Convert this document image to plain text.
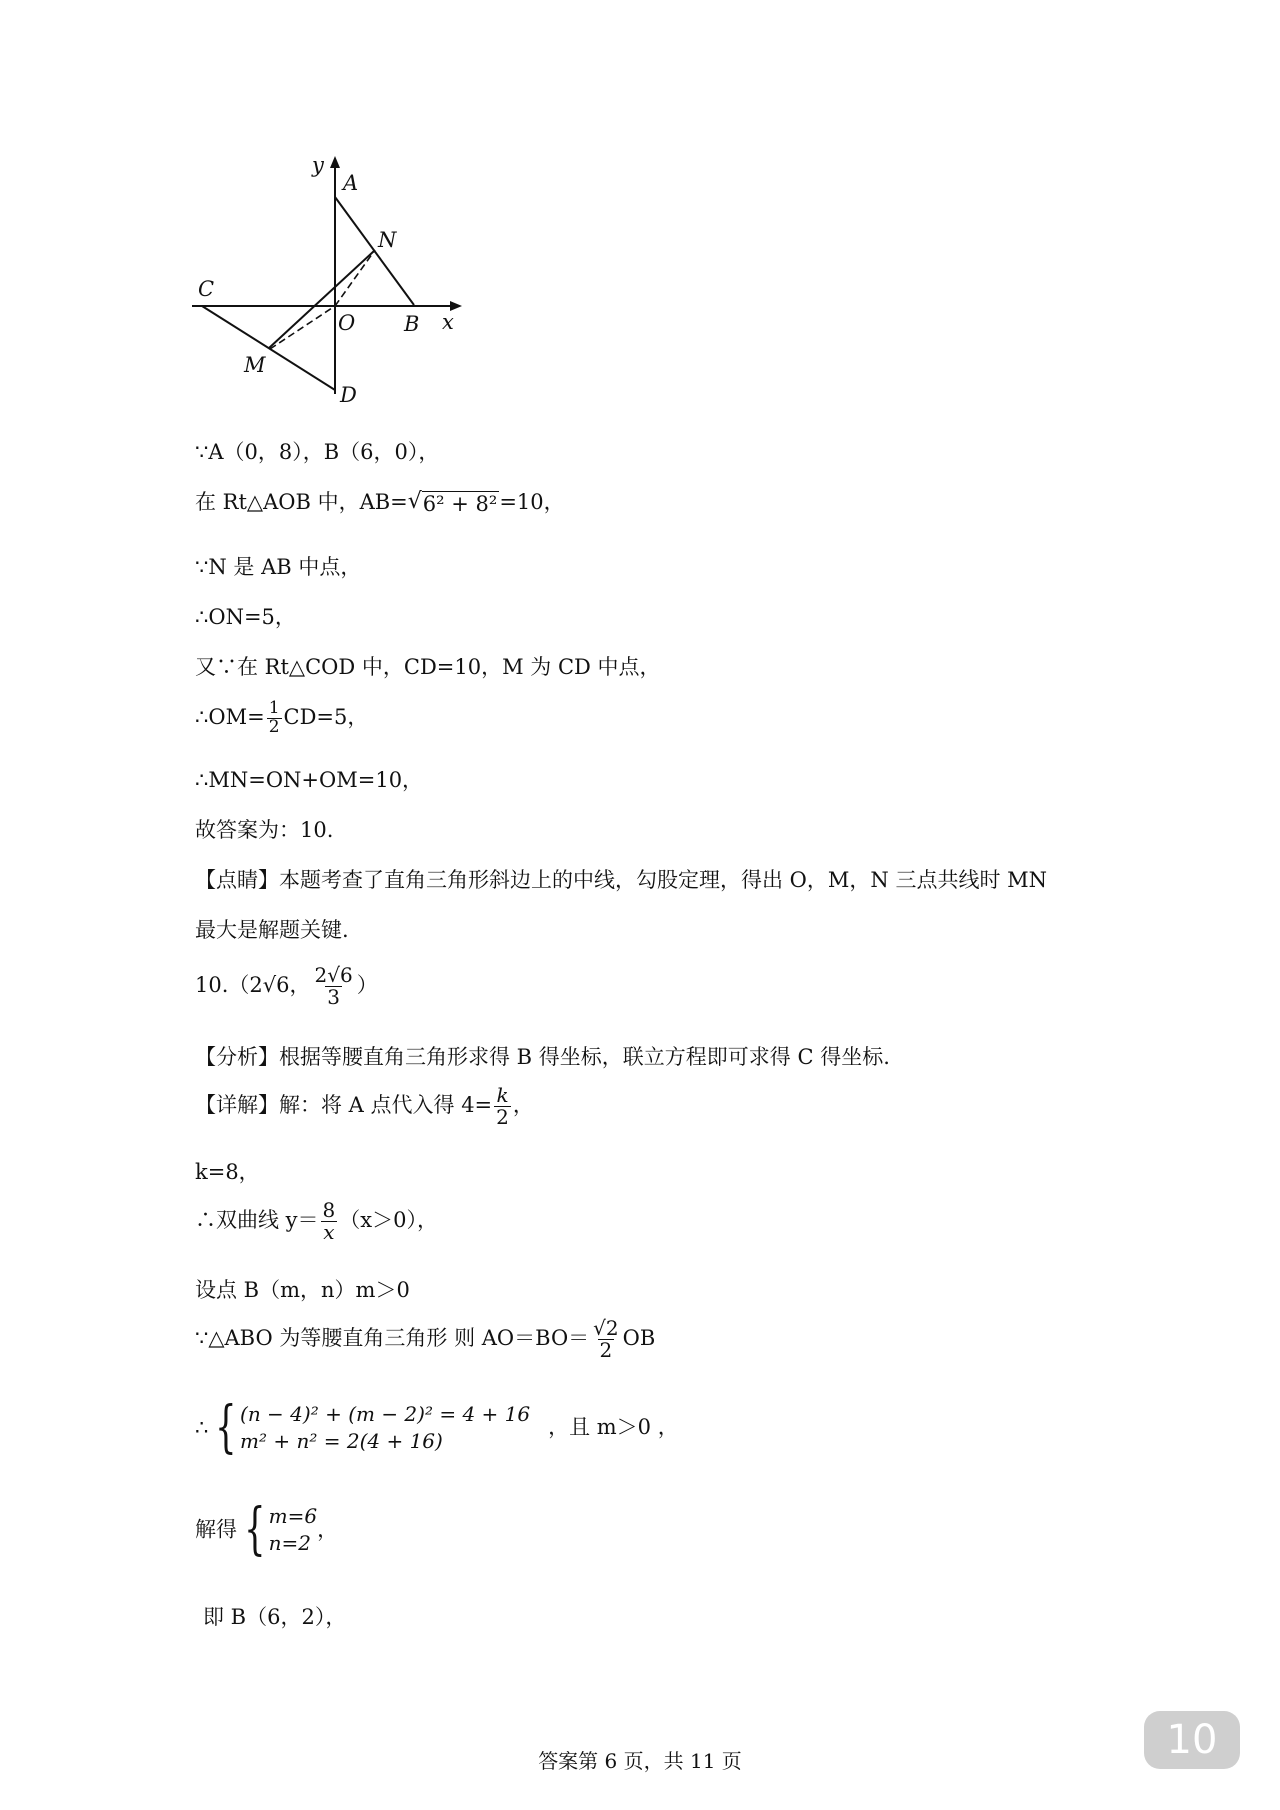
y
A
N
C
O B x
M
D
∵A（0，8），B（6，0），
在 Rt△AOB 中，AB= √ 6² + 8² =10，
∵N 是 AB 中点，
∴ON=5，
又∵在 Rt△COD 中，CD=10，M 为 CD 中点，
∴OM= $\frac{1}{2} CD=5$，
∴MN=ON+OM=10，
故答案为：10.
【点睛】本题考查了直角三角形斜边上的中线，勾股定理，得出 O，M，N 三点共线时 MN
最大是解题关键.
10.（2√6， $\frac{2√6}{3}$ ）
【分析】根据等腰直角三角形求得 B 得坐标，联立方程即可求得 C 得坐标.
【详解】解：将 A 点代入得 $4= \frac{k}{2}$ ，
k=8，
∴双曲线 $y= \frac{8}{x} (x>0)$，
设点 B（m，n）m＞0
∵△ABO 为等腰直角三角形 则 $AO=BO= \frac{√2}{2}$ OB
∴ { (n − 4)² + (m − 2)² = 4 + 16
m² + n² = 2(4 + 16)
，且 m＞0 ，
解得 { m=6
n=2
，
即 B（6，2），
答案第 6 页，共 11 页	10
